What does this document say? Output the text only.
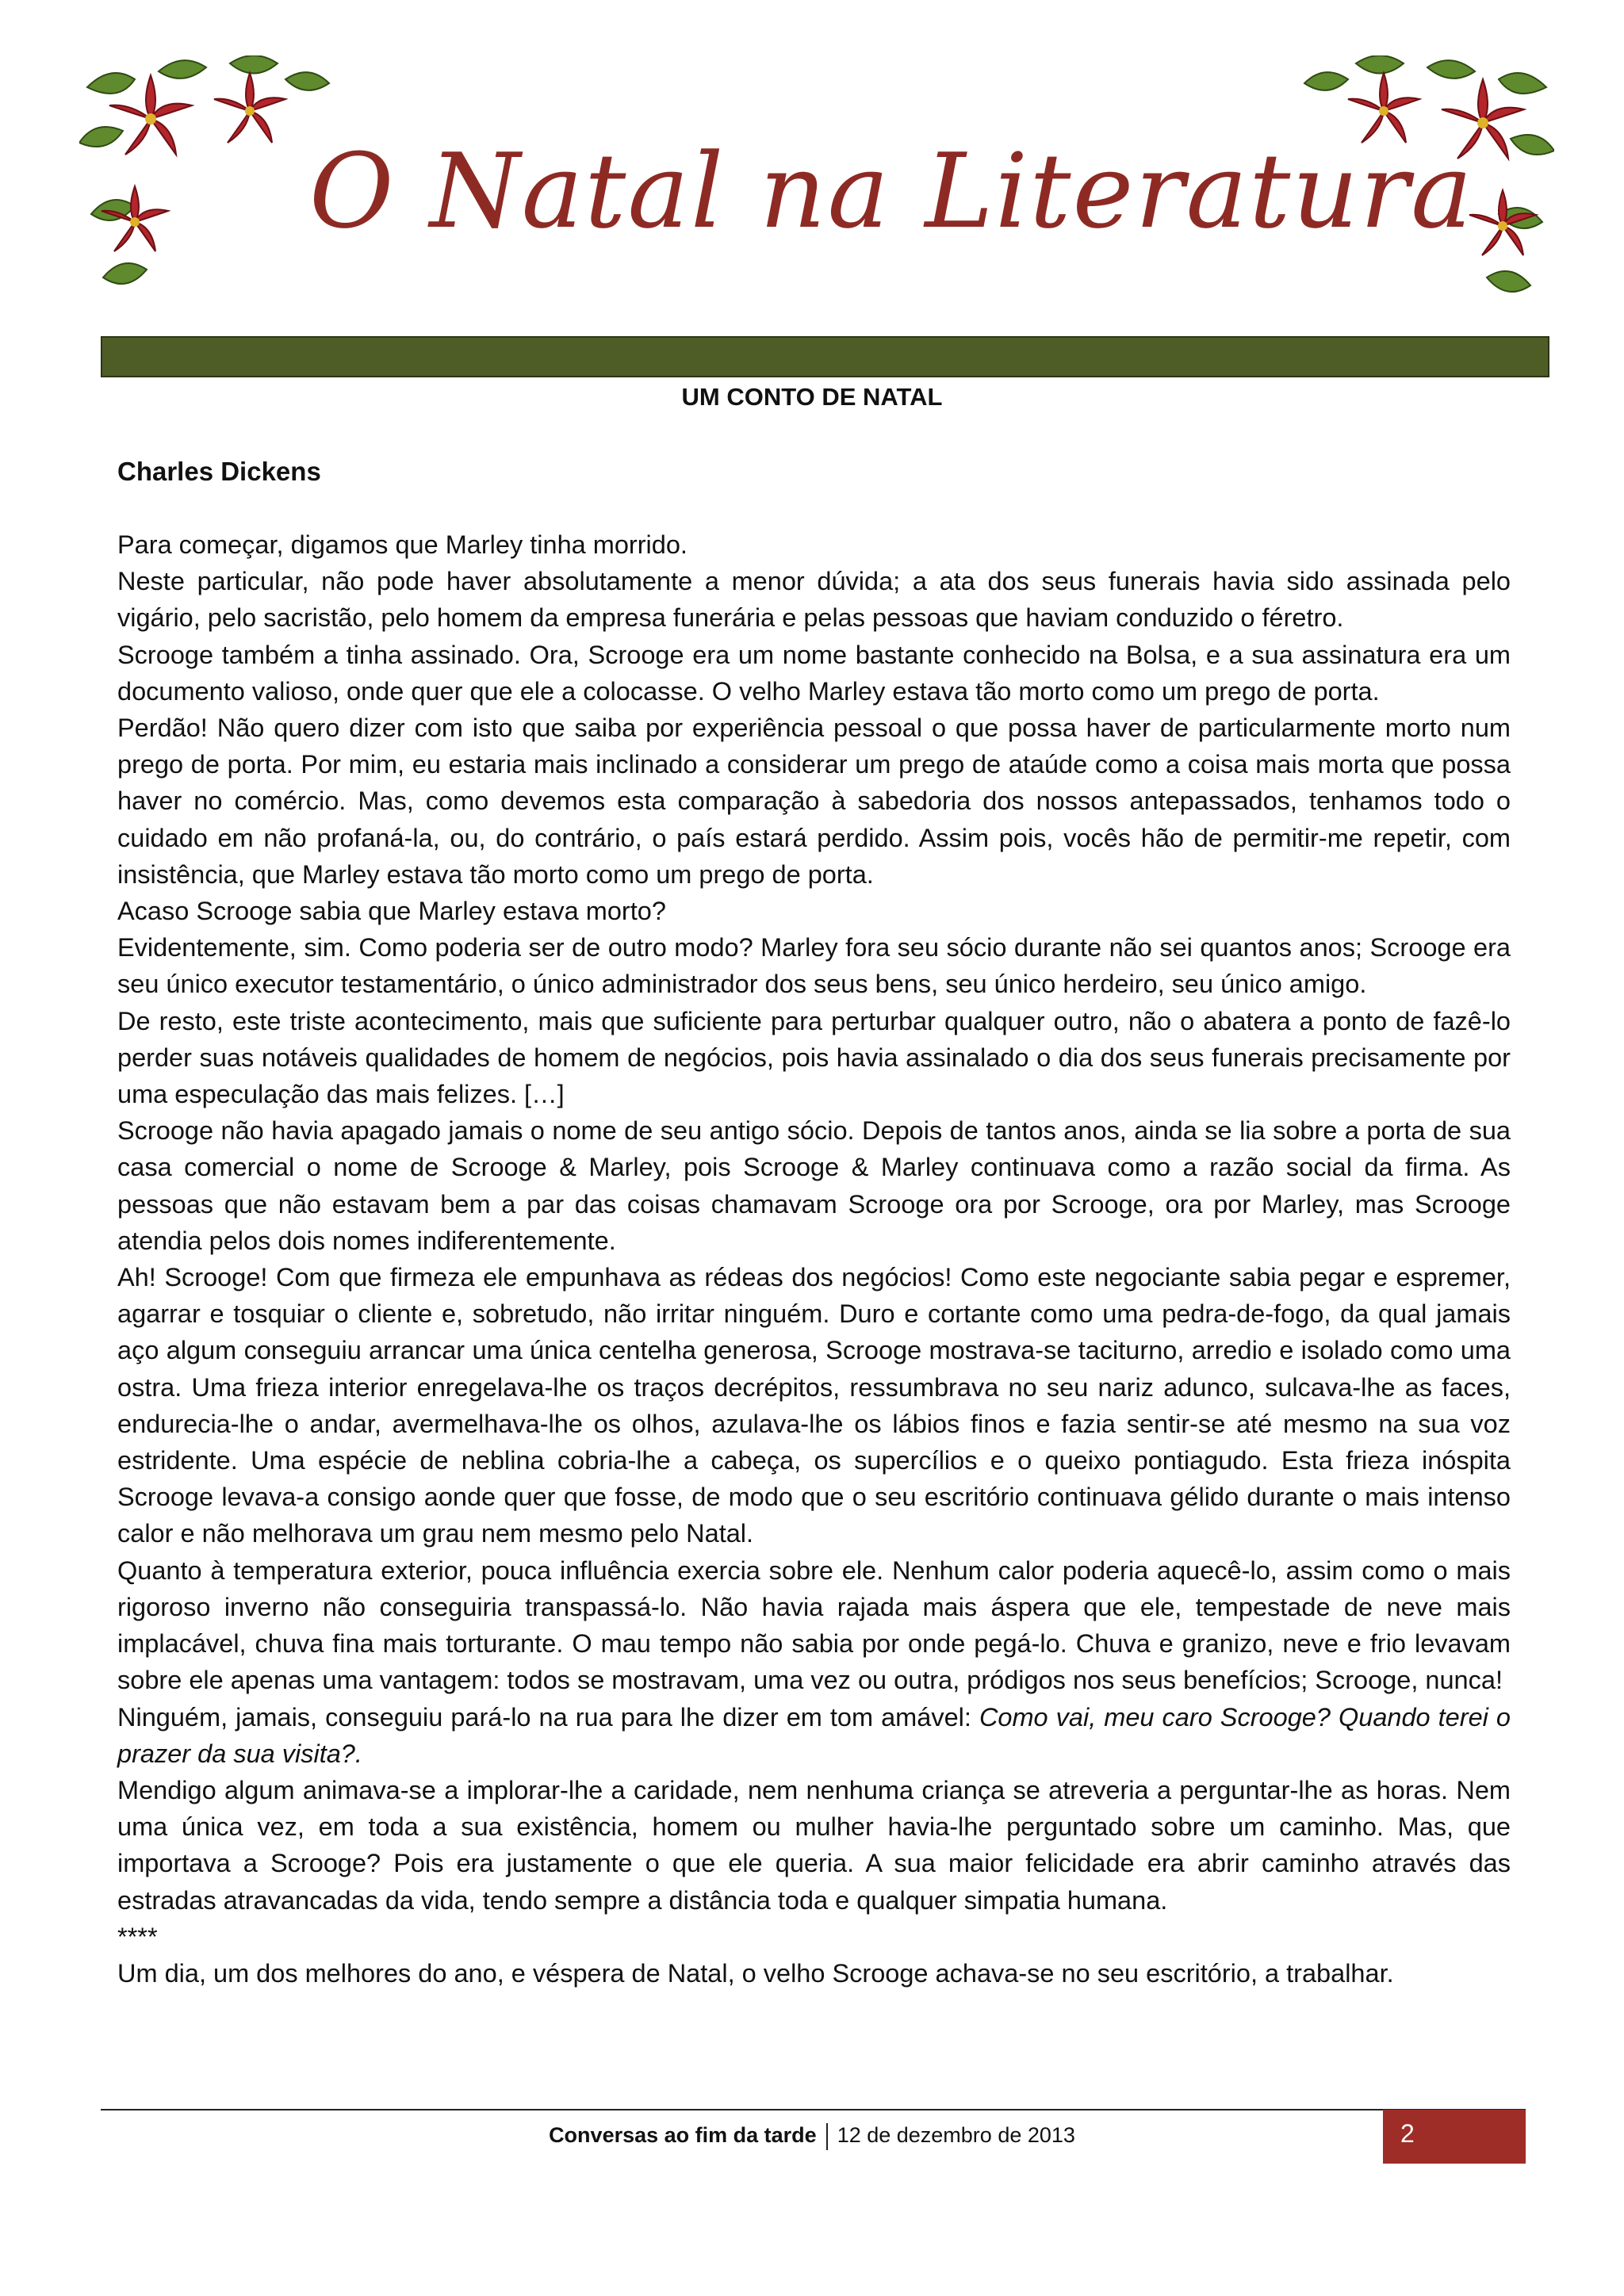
O Natal na Literatura
UM CONTO DE NATAL
Charles Dickens

Para começar, digamos que Marley tinha morrido.

Neste particular, não pode haver absolutamente a menor dúvida; a ata dos seus funerais havia sido assinada pelo vigário, pelo sacristão, pelo homem da empresa funerária e pelas pessoas que haviam conduzido o féretro.

Scrooge também a tinha assinado. Ora, Scrooge era um nome bastante conhecido na Bolsa, e a sua assinatura era um documento valioso, onde quer que ele a colocasse. O velho Marley estava tão morto como um prego de porta.

Perdão! Não quero dizer com isto que saiba por experiência pessoal o que possa haver de particularmente morto num prego de porta. Por mim, eu estaria mais inclinado a considerar um prego de ataúde como a coisa mais morta que possa haver no comércio. Mas, como devemos esta comparação à sabedoria dos nossos antepassados, tenhamos todo o cuidado em não profaná-la, ou, do contrário, o país estará perdido. Assim pois, vocês hão de permitir-me repetir, com insistência, que Marley estava tão morto como um prego de porta.

Acaso Scrooge sabia que Marley estava morto?

Evidentemente, sim. Como poderia ser de outro modo? Marley fora seu sócio durante não sei quantos anos; Scrooge era seu único executor testamentário, o único administrador dos seus bens, seu único herdeiro, seu único amigo.

De resto, este triste acontecimento, mais que suficiente para perturbar qualquer outro, não o abatera a ponto de fazê-lo perder suas notáveis qualidades de homem de negócios, pois havia assinalado o dia dos seus funerais precisamente por uma especulação das mais felizes. […]

Scrooge não havia apagado jamais o nome de seu antigo sócio. Depois de tantos anos, ainda se lia sobre a porta de sua casa comercial o nome de Scrooge & Marley, pois Scrooge & Marley continuava como a razão social da firma. As pessoas que não estavam bem a par das coisas chamavam Scrooge ora por Scrooge, ora por Marley, mas Scrooge atendia pelos dois nomes indiferentemente.

Ah! Scrooge! Com que firmeza ele empunhava as rédeas dos negócios! Como este negociante sabia pegar e espremer, agarrar e tosquiar o cliente e, sobretudo, não irritar ninguém. Duro e cortante como uma pedra-de-fogo, da qual jamais aço algum conseguiu arrancar uma única centelha generosa, Scrooge mostrava-se taciturno, arredio e isolado como uma ostra. Uma frieza interior enregelava-lhe os traços decrépitos, ressumbrava no seu nariz adunco, sulcava-lhe as faces, endurecia-lhe o andar, avermelhava-lhe os olhos, azulava-lhe os lábios finos e fazia sentir-se até mesmo na sua voz estridente. Uma espécie de neblina cobria-lhe a cabeça, os supercílios e o queixo pontiagudo. Esta frieza inóspita Scrooge levava-a consigo aonde quer que fosse, de modo que o seu escritório continuava gélido durante o mais intenso calor e não melhorava um grau nem mesmo pelo Natal.

Quanto à temperatura exterior, pouca influência exercia sobre ele. Nenhum calor poderia aquecê-lo, assim como o mais rigoroso inverno não conseguiria transpassá-lo. Não havia rajada mais áspera que ele, tempestade de neve mais implacável, chuva fina mais torturante. O mau tempo não sabia por onde pegá-lo. Chuva e granizo, neve e frio levavam sobre ele apenas uma vantagem: todos se mostravam, uma vez ou outra, pródigos nos seus benefícios; Scrooge, nunca!

Ninguém, jamais, conseguiu pará-lo na rua para lhe dizer em tom amável: Como vai, meu caro Scrooge? Quando terei o prazer da sua visita?.

Mendigo algum animava-se a implorar-lhe a caridade, nem nenhuma criança se atreveria a perguntar-lhe as horas. Nem uma única vez, em toda a sua existência, homem ou mulher havia-lhe perguntado sobre um caminho. Mas, que importava a Scrooge? Pois era justamente o que ele queria. A sua maior felicidade era abrir caminho através das estradas atravancadas da vida, tendo sempre a distância toda e qualquer simpatia humana.

****

Um dia, um dos melhores do ano, e véspera de Natal, o velho Scrooge achava-se no seu escritório, a trabalhar.

Conversas ao fim da tarde 12 de dezembro de 2013	2
